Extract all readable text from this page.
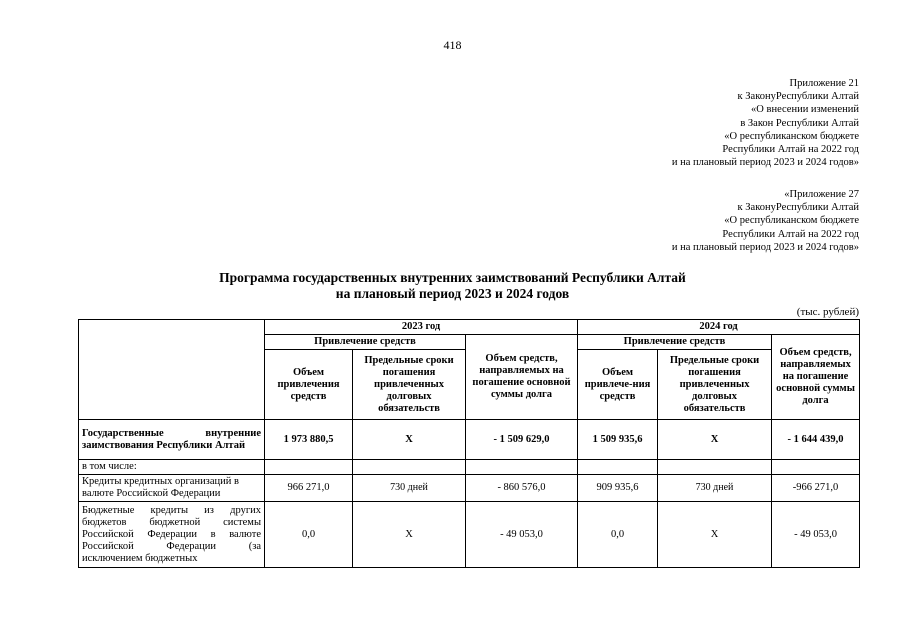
418
Приложение 21
к ЗаконуРеспублики Алтай
«О внесении изменений
в Закон Республики Алтай
«О республиканском бюджете
Республики Алтай на 2022 год
и на плановый период 2023 и 2024 годов»
«Приложение 27
к ЗаконуРеспублики Алтай
«О республиканском бюджете
Республики Алтай на 2022 год
и на плановый период 2023 и 2024 годов»
Программа государственных внутренних заимствований Республики Алтай
на плановый период 2023 и 2024 годов
(тыс. рублей)
	2023 год			2024 год		
	Привлечение средств		Объем средств, направляемых на погашение основной суммы долга	Привлечение средств		Объем средств, направляемых на погашение основной суммы долга
	Объем привлечения средств	Предельные сроки погашения привлеченных долговых обязательств		Объем привлече-ния средств	Предельные сроки погашения привлеченных долговых обязательств	
Государственные внутренние заимствования Республики Алтай	1 973 880,5	Х	- 1 509 629,0	1 509 935,6	Х	- 1 644 439,0
в том числе:						
Кредиты кредитных организаций в валюте Российской Федерации	966 271,0	730 дней	- 860 576,0	909 935,6	730 дней	-966 271,0
Бюджетные кредиты из других бюджетов бюджетной системы Российской Федерации в валюте Российской Федерации (за исключением бюджетных	0,0	Х	- 49 053,0	0,0	Х	- 49 053,0
